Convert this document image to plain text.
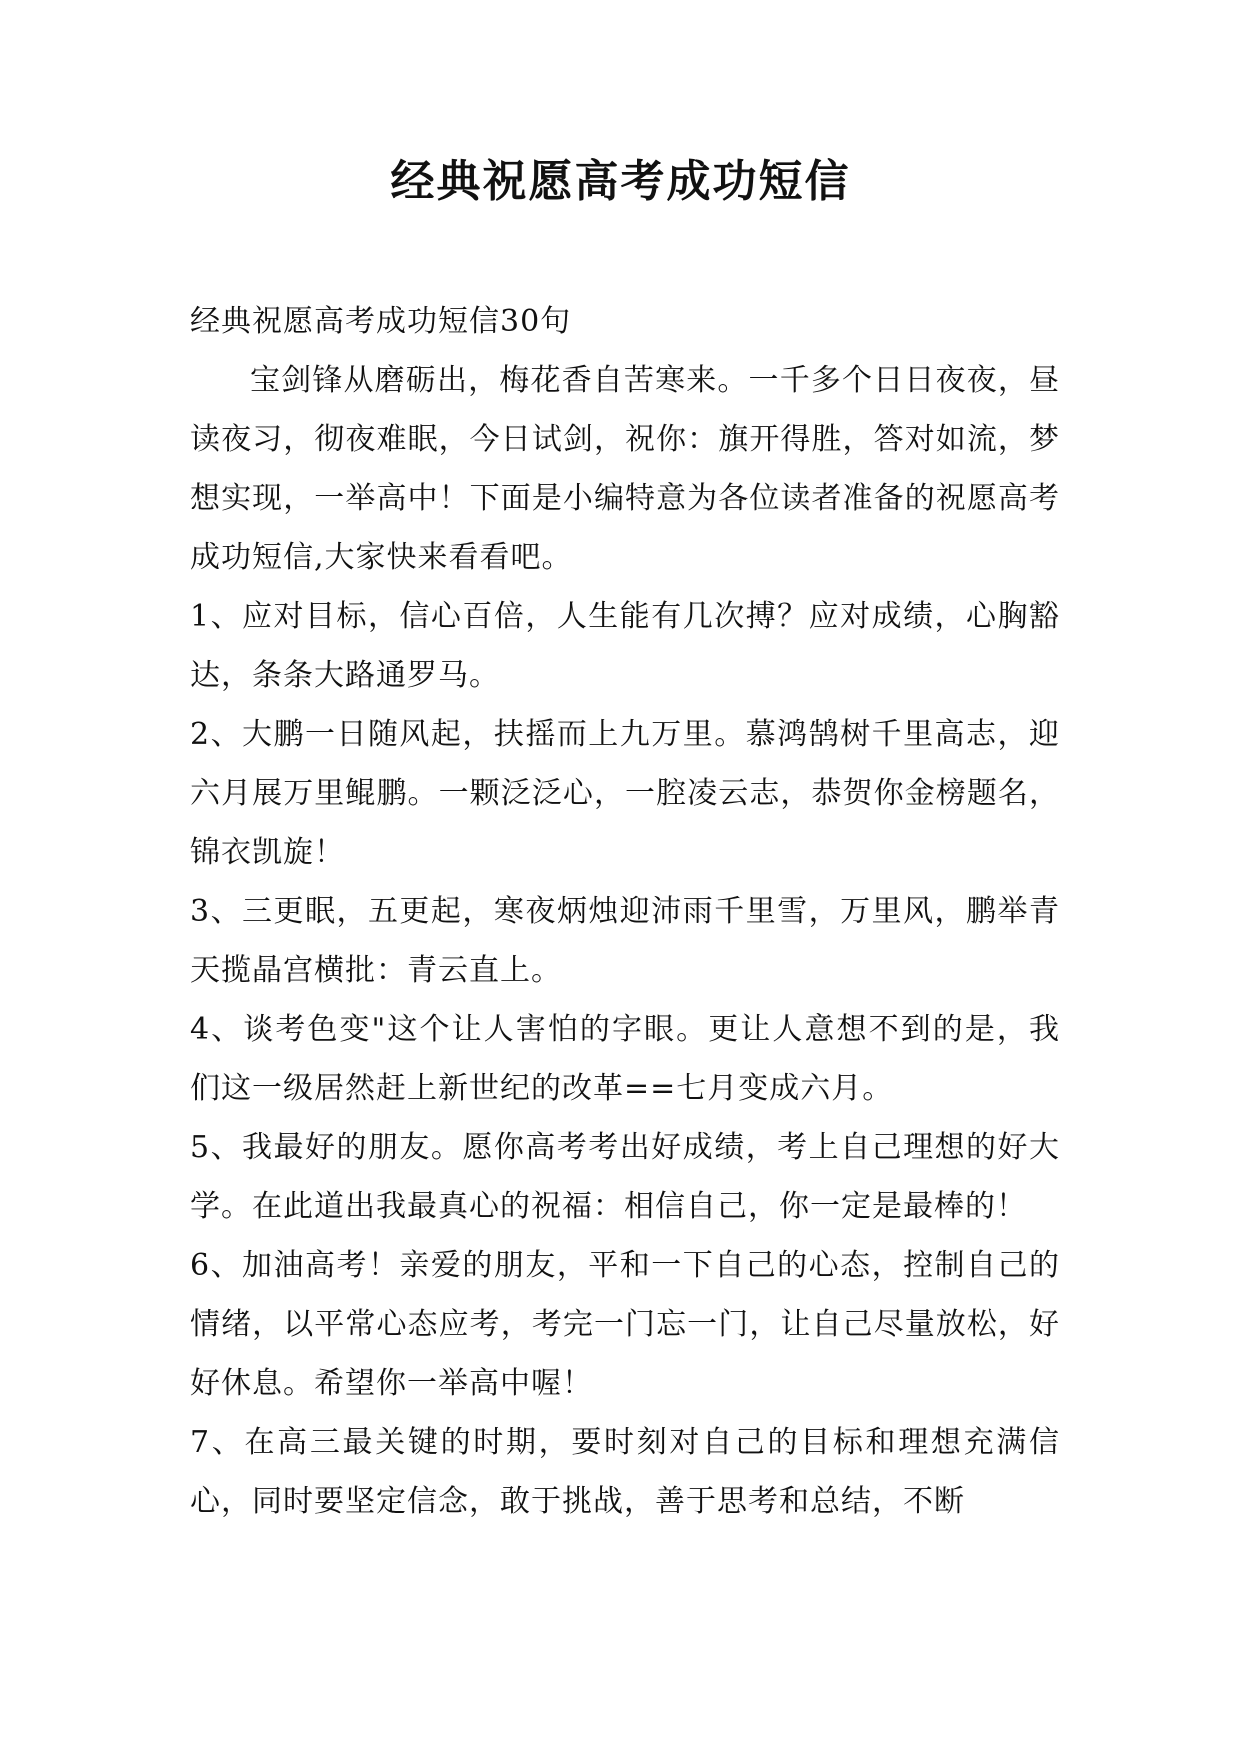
经典祝愿高考成功短信

经典祝愿高考成功短信30句

宝剑锋从磨砺出，梅花香自苦寒来。一千多个日日夜夜，昼读夜习，彻夜难眠，今日试剑，祝你：旗开得胜，答对如流，梦想实现，一举高中！下面是小编特意为各位读者准备的祝愿高考成功短信,大家快来看看吧。

1、应对目标，信心百倍，人生能有几次搏？应对成绩，心胸豁达，条条大路通罗马。

2、大鹏一日随风起，扶摇而上九万里。慕鸿鹄树千里高志，迎六月展万里鲲鹏。一颗泛泛心，一腔凌云志，恭贺你金榜题名，锦衣凯旋！

3、三更眠，五更起，寒夜炳烛迎沛雨千里雪，万里风，鹏举青天揽晶宫横批：青云直上。

4、谈考色变"这个让人害怕的字眼。更让人意想不到的是，我们这一级居然赶上新世纪的改革==七月变成六月。

5、我最好的朋友。愿你高考考出好成绩，考上自己理想的好大学。在此道出我最真心的祝福：相信自己，你一定是最棒的！

6、加油高考！亲爱的朋友，平和一下自己的心态，控制自己的情绪，以平常心态应考，考完一门忘一门，让自己尽量放松，好好休息。希望你一举高中喔！

7、在高三最关键的时期，要时刻对自己的目标和理想充满信心，同时要坚定信念，敢于挑战，善于思考和总结，不断
